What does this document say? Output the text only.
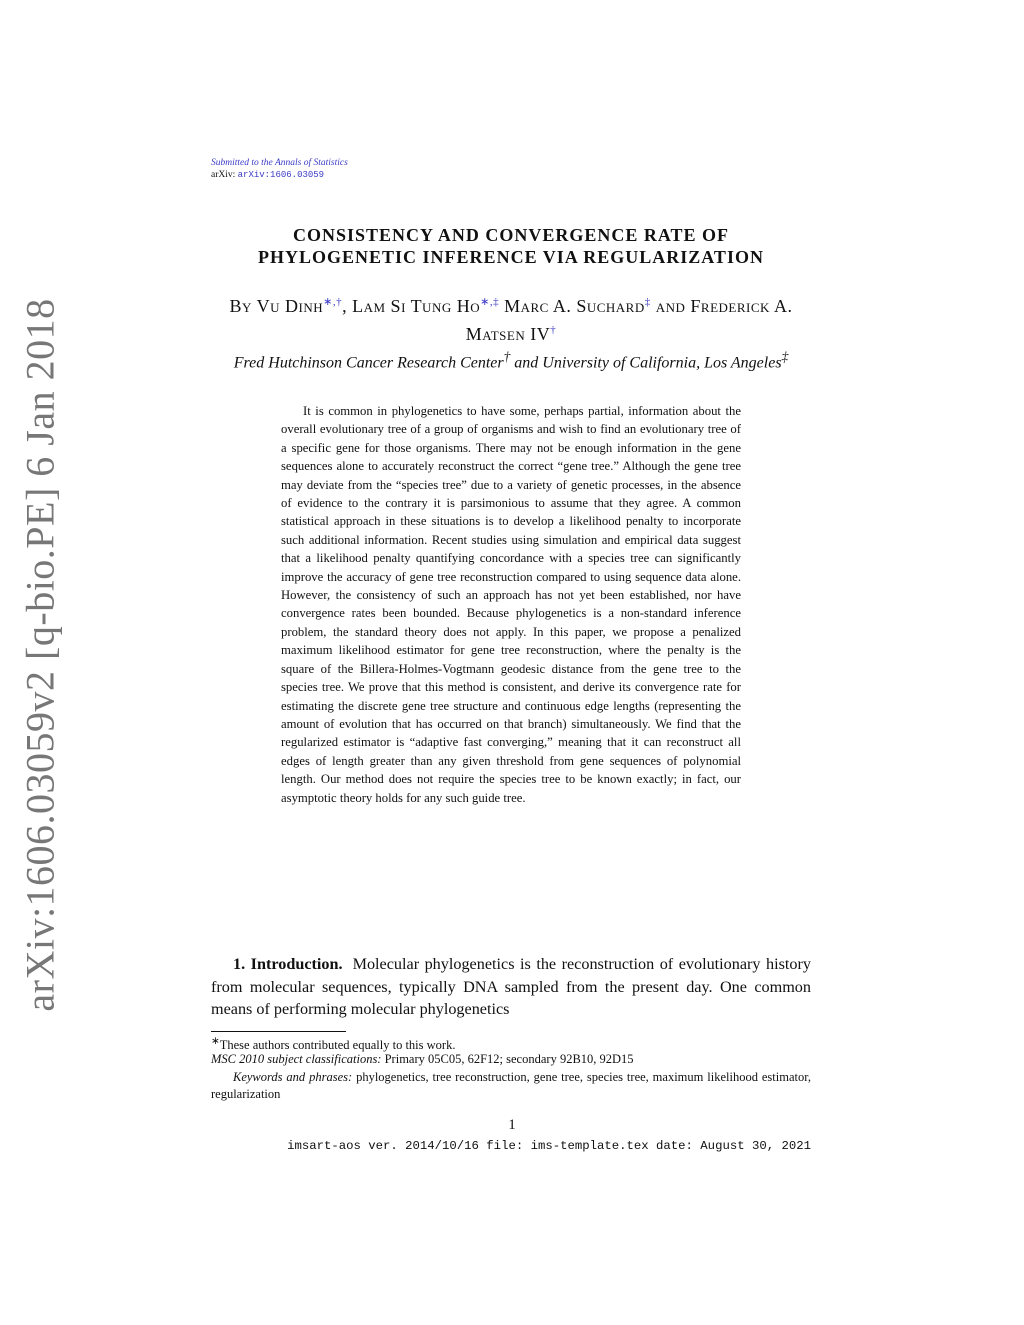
arXiv:1606.03059v2 [q-bio.PE] 6 Jan 2018
Submitted to the Annals of Statistics
arXiv: arXiv:1606.03059
CONSISTENCY AND CONVERGENCE RATE OF
PHYLOGENETIC INFERENCE VIA REGULARIZATION
By Vu Dinh∗,†, Lam Si Tung Ho∗,‡ Marc A. Suchard‡ and Frederick A. Matsen IV†
Fred Hutchinson Cancer Research Center† and University of California, Los Angeles‡
It is common in phylogenetics to have some, perhaps partial, information about the overall evolutionary tree of a group of organisms and wish to find an evolutionary tree of a specific gene for those organisms. There may not be enough information in the gene sequences alone to accurately reconstruct the correct “gene tree.” Although the gene tree may deviate from the “species tree” due to a variety of genetic processes, in the absence of evidence to the contrary it is parsimonious to assume that they agree. A common statistical approach in these situations is to develop a likelihood penalty to incorporate such additional information. Recent studies using simulation and empirical data suggest that a likelihood penalty quantifying concordance with a species tree can significantly improve the accuracy of gene tree reconstruction compared to using sequence data alone. However, the consistency of such an approach has not yet been established, nor have convergence rates been bounded. Because phylogenetics is a non-standard inference problem, the standard theory does not apply. In this paper, we propose a penalized maximum likelihood estimator for gene tree reconstruction, where the penalty is the square of the Billera-Holmes-Vogtmann geodesic distance from the gene tree to the species tree. We prove that this method is consistent, and derive its convergence rate for estimating the discrete gene tree structure and continuous edge lengths (representing the amount of evolution that has occurred on that branch) simultaneously. We find that the regularized estimator is “adaptive fast converging,” meaning that it can reconstruct all edges of length greater than any given threshold from gene sequences of polynomial length. Our method does not require the species tree to be known exactly; in fact, our asymptotic theory holds for any such guide tree.
1. Introduction. Molecular phylogenetics is the reconstruction of evolutionary history from molecular sequences, typically DNA sampled from the present day. One common means of performing molecular phylogenetics
∗These authors contributed equally to this work.
MSC 2010 subject classifications: Primary 05C05, 62F12; secondary 92B10, 92D15
Keywords and phrases: phylogenetics, tree reconstruction, gene tree, species tree, maximum likelihood estimator, regularization
1
imsart-aos ver. 2014/10/16 file: ims-template.tex date: August 30, 2021
